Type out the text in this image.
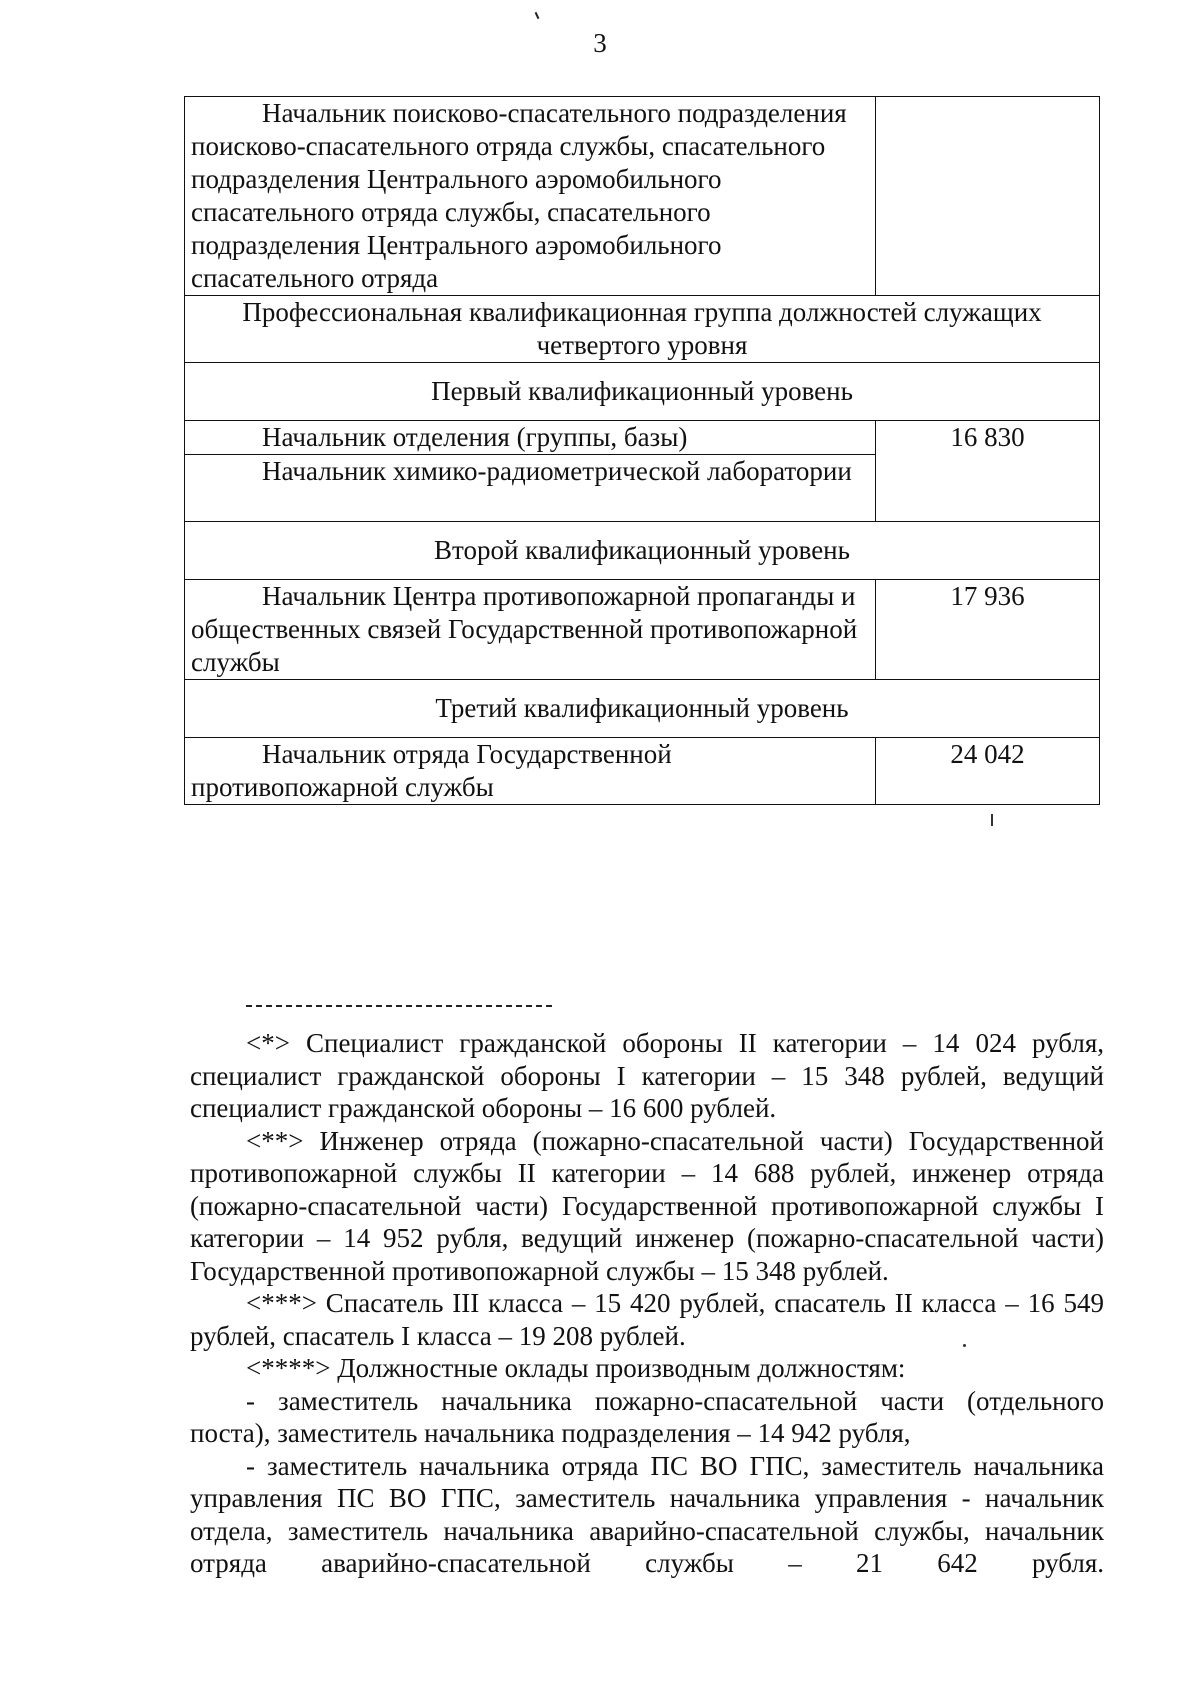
3
Начальник поисково-спасательного подразделения поисково-спасательного отряда службы, спасательного подразделения Центрального аэромобильного спасательного отряда службы, спасательного подразделения Центрального аэромобильного спасательного отряда	

Профессиональная квалификационная группа должностей служащих четвертого уровня	
Первый квалификационный уровень	

Начальник отделения (группы, базы)	16 830

Начальник химико-радиометрической лаборатории	

Второй квалификационный уровень	

Начальник Центра противопожарной пропаганды и общественных связей Государственной противопожарной службы	17 936
Третий квалификационный уровень	

Начальник отряда Государственной противопожарной службы	24 042

<*> Специалист гражданской обороны II категории – 14 024 рубля, специалист гражданской обороны I категории – 15 348 рублей, ведущий специалист гражданской обороны – 16 600 рублей.

<**> Инженер отряда (пожарно-спасательной части) Государственной противопожарной службы II категории – 14 688 рублей, инженер отряда (пожарно-спасательной части) Государственной противопожарной службы I категории – 14 952 рубля, ведущий инженер (пожарно-спасательной части) Государственной противопожарной службы – 15 348 рублей.

<***> Спасатель III класса – 15 420 рублей, спасатель II класса – 16 549 рублей, спасатель I класса – 19 208 рублей.

<****> Должностные оклады производным должностям:

- заместитель начальника пожарно-спасательной части (отдельного поста), заместитель начальника подразделения – 14 942 рубля,

- заместитель начальника отряда ПС ВО ГПС, заместитель начальника управления ПС ВО ГПС, заместитель начальника управления - начальник отдела, заместитель начальника аварийно-спасательной службы, начальник отряда аварийно-спасательной службы – 21 642 рубля.
